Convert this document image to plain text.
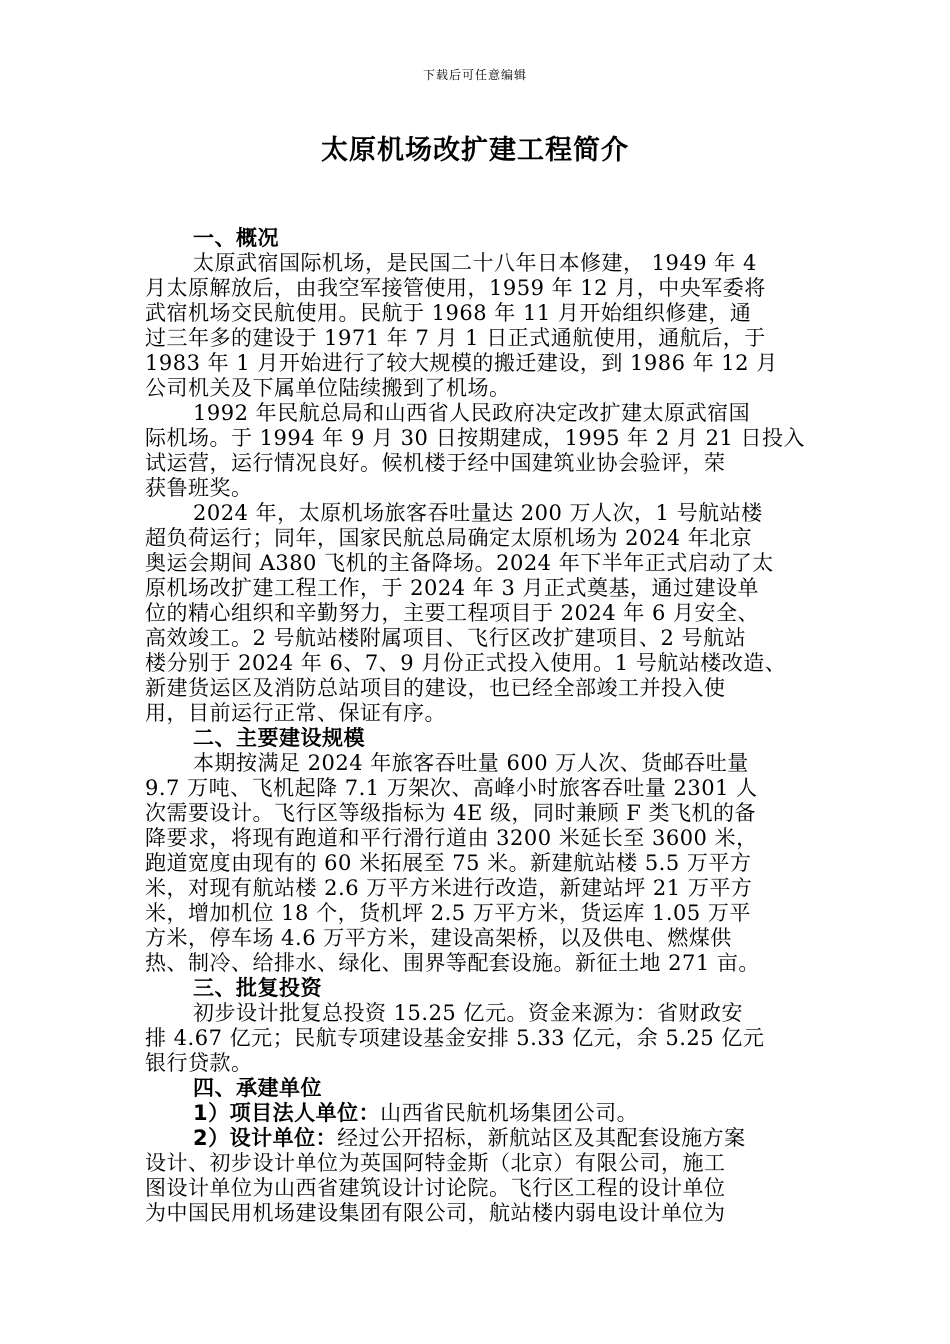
下载后可任意编辑
太原机场改扩建工程简介
一、概况
太原武宿国际机场，是民国二十八年日本修建， 1949 年 4
月太原解放后，由我空军接管使用，1959 年 12 月，中央军委将
武宿机场交民航使用。民航于 1968 年 11 月开始组织修建，通
过三年多的建设于 1971 年 7 月 1 日正式通航使用，通航后，于
1983 年 1 月开始进行了较大规模的搬迁建设，到 1986 年 12 月
公司机关及下属单位陆续搬到了机场。
1992 年民航总局和山西省人民政府决定改扩建太原武宿国
际机场。于 1994 年 9 月 30 日按期建成，1995 年 2 月 21 日投入
试运营，运行情况良好。候机楼于经中国建筑业协会验评，荣
获鲁班奖。
2024 年，太原机场旅客吞吐量达 200 万人次，1 号航站楼
超负荷运行；同年，国家民航总局确定太原机场为 2024 年北京
奥运会期间 A380 飞机的主备降场。2024 年下半年正式启动了太
原机场改扩建工程工作，于 2024 年 3 月正式奠基，通过建设单
位的精心组织和辛勤努力，主要工程项目于 2024 年 6 月安全、
高效竣工。2 号航站楼附属项目、飞行区改扩建项目、2 号航站
楼分别于 2024 年 6、7、9 月份正式投入使用。1 号航站楼改造、
新建货运区及消防总站项目的建设，也已经全部竣工并投入使
用，目前运行正常、保证有序。
二、主要建设规模
本期按满足 2024 年旅客吞吐量 600 万人次、货邮吞吐量
9.7 万吨、飞机起降 7.1 万架次、高峰小时旅客吞吐量 2301 人
次需要设计。飞行区等级指标为 4E 级，同时兼顾 F 类飞机的备
降要求，将现有跑道和平行滑行道由 3200 米延长至 3600 米，
跑道宽度由现有的 60 米拓展至 75 米。新建航站楼 5.5 万平方
米，对现有航站楼 2.6 万平方米进行改造，新建站坪 21 万平方
米，增加机位 18 个，货机坪 2.5 万平方米，货运库 1.05 万平
方米，停车场 4.6 万平方米，建设高架桥，以及供电、燃煤供
热、制冷、给排水、绿化、围界等配套设施。新征土地 271 亩。
三、批复投资
初步设计批复总投资 15.25 亿元。资金来源为：省财政安
排 4.67 亿元；民航专项建设基金安排 5.33 亿元，余 5.25 亿元
银行贷款。
四、承建单位
1）项目法人单位：山西省民航机场集团公司。
2）设计单位：经过公开招标，新航站区及其配套设施方案
设计、初步设计单位为英国阿特金斯（北京）有限公司，施工
图设计单位为山西省建筑设计讨论院。飞行区工程的设计单位
为中国民用机场建设集团有限公司，航站楼内弱电设计单位为
